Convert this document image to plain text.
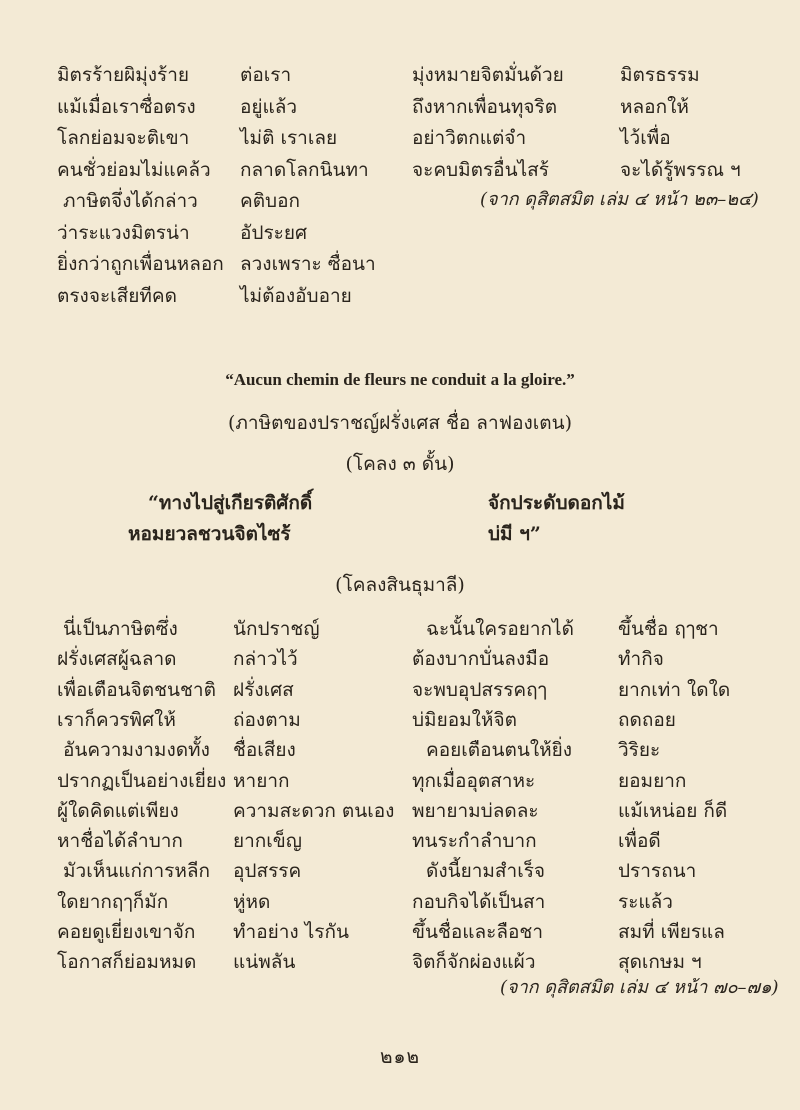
มิตรร้ายผิมุ่งร้าย
แม้เมื่อเราซื่อตรง
โลกย่อมจะติเขา
คนชั่วย่อมไม่แคล้ว
ภาษิตจึ่งได้กล่าว
ว่าระแวงมิตรน่า
ยิ่งกว่าถูกเพื่อนหลอก
ตรงจะเสียทีคด
ต่อเรา
อยู่แล้ว
ไม่ติ เราเลย
กลาดโลกนินทา
คติบอก
อัประยศ
ลวงเพราะ ซื่อนา
ไม่ต้องอับอาย
มุ่งหมายจิตมั่นด้วย
ถึงหากเพื่อนทุจริต
อย่าวิตกแต่จำ
จะคบมิตรอื่นไสร้
มิตรธรรม
หลอกให้
ไว้เพื่อ
จะได้รู้พรรณ ฯ
(จาก ดุสิตสมิต เล่ม ๔ หน้า ๒๓–๒๔)
“Aucun chemin de fleurs ne conduit a la gloire.”
(ภาษิตของปราชญ์ฝรั่งเศส ชื่อ ลาฟองเตน)
(โคลง ๓ ดั้น)
“ทางไปสู่เกียรติศักดิ์	จักประดับดอกไม้
หอมยวลชวนจิตไซร้	บ่มี ฯ”
(โคลงสินธุมาลี)
นี่เป็นภาษิตซึ่ง
ฝรั่งเศสผู้ฉลาด
เพื่อเตือนจิตชนชาติ
เราก็ควรพิศให้
อันความงามงดทั้ง
ปรากฏเป็นอย่างเยี่ยง
ผู้ใดคิดแต่เพียง
หาชื่อได้ลำบาก
มัวเห็นแก่การหลีก
ใดยากฤๅก็มัก
คอยดูเยี่ยงเขาจัก
โอกาสก็ย่อมหมด
นักปราชญ์
กล่าวไว้
ฝรั่งเศส
ถ่องตาม
ชื่อเสียง
หายาก
ความสะดวก ตนเอง
ยากเข็ญ
อุปสรรค
หู่หด
ทำอย่าง ไรกัน
แน่พลัน
ฉะนั้นใครอยากได้
ต้องบากบั่นลงมือ
จะพบอุปสรรคฤๅ
บ่มิยอมให้จิต
คอยเตือนตนให้ยิ่ง
ทุกเมื่ออุตสาหะ
พยายามบ่ลดละ
ทนระกำลำบาก
ดังนี้ยามสำเร็จ
กอบกิจได้เป็นสา
ขึ้นชื่อและลือชา
จิตก็จักผ่องแผ้ว
ขึ้นชื่อ ฤๅชา
ทำกิจ
ยากเท่า ใดใด
ถดถอย
วิริยะ
ยอมยาก
แม้เหน่อย ก็ดี
เพื่อดี
ปรารถนา
ระแล้ว
สมที่ เพียรแล
สุดเกษม ฯ
(จาก ดุสิตสมิต เล่ม ๔ หน้า ๗๐–๗๑)
๒๑๒
